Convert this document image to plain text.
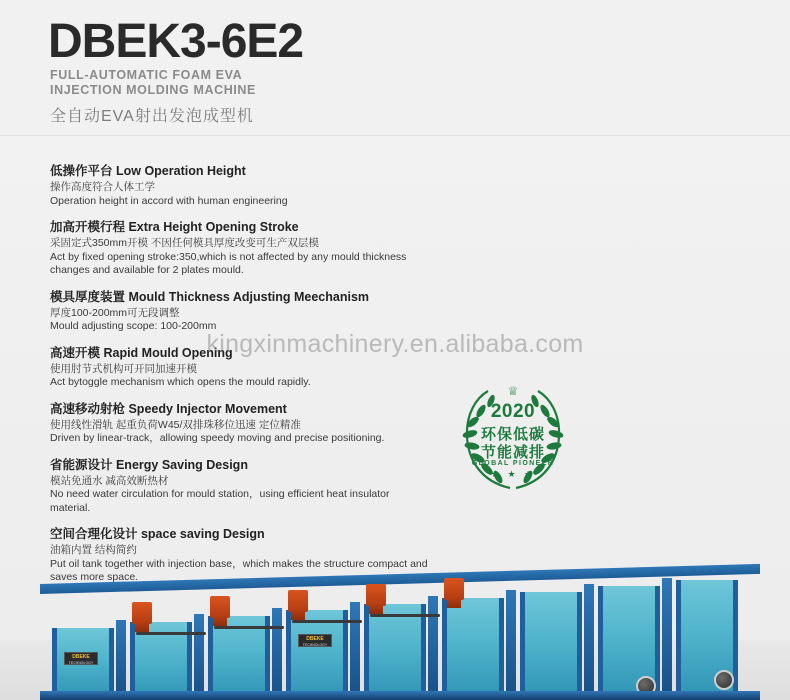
DBEK3-6E2
FULL-AUTOMATIC FOAM EVA
INJECTION MOLDING MACHINE
全自动EVA射出发泡成型机
低操作平台 Low Operation Height
操作高度符合人体工学
Operation height in accord with human engineering
加高开模行程 Extra Height Opening Stroke
采固定式350mm开模 不因任何模具厚度改变可生产双层模
Act by fixed opening stroke:350,which is not affected by any mould thickness changes and available for 2 plates mould.
模具厚度装置 Mould Thickness Adjusting Meechanism
厚度100-200mm可无段调整
Mould adjusting scope: 100-200mm
高速开模 Rapid Mould Opening
使用肘节式机构可开同加速开模
Act bytoggle mechanism which opens the mould rapidly.
高速移动射枪 Speedy Injector Movement
使用线性滑轨 起重负荷W45/双排珠移位迅速 定位精准
Driven by linear-track，allowing speedy moving and precise positioning.
省能源设计 Energy Saving Design
模站免通水 减高效断热材
No need water circulation for mould station，using efficient heat insulator material.
空间合理化设计 space saving Design
油箱内置 结构简约
Put oil tank together with injection base，which makes the structure compact and saves more space.
kingxinmachinery.en.alibaba.com
♕
2020
环保低碳
节能减排
GLOBAL PIONEER
★ ★ ★
DBEKE
TECHNOLOGY
DBEKE
TECHNOLOGY
